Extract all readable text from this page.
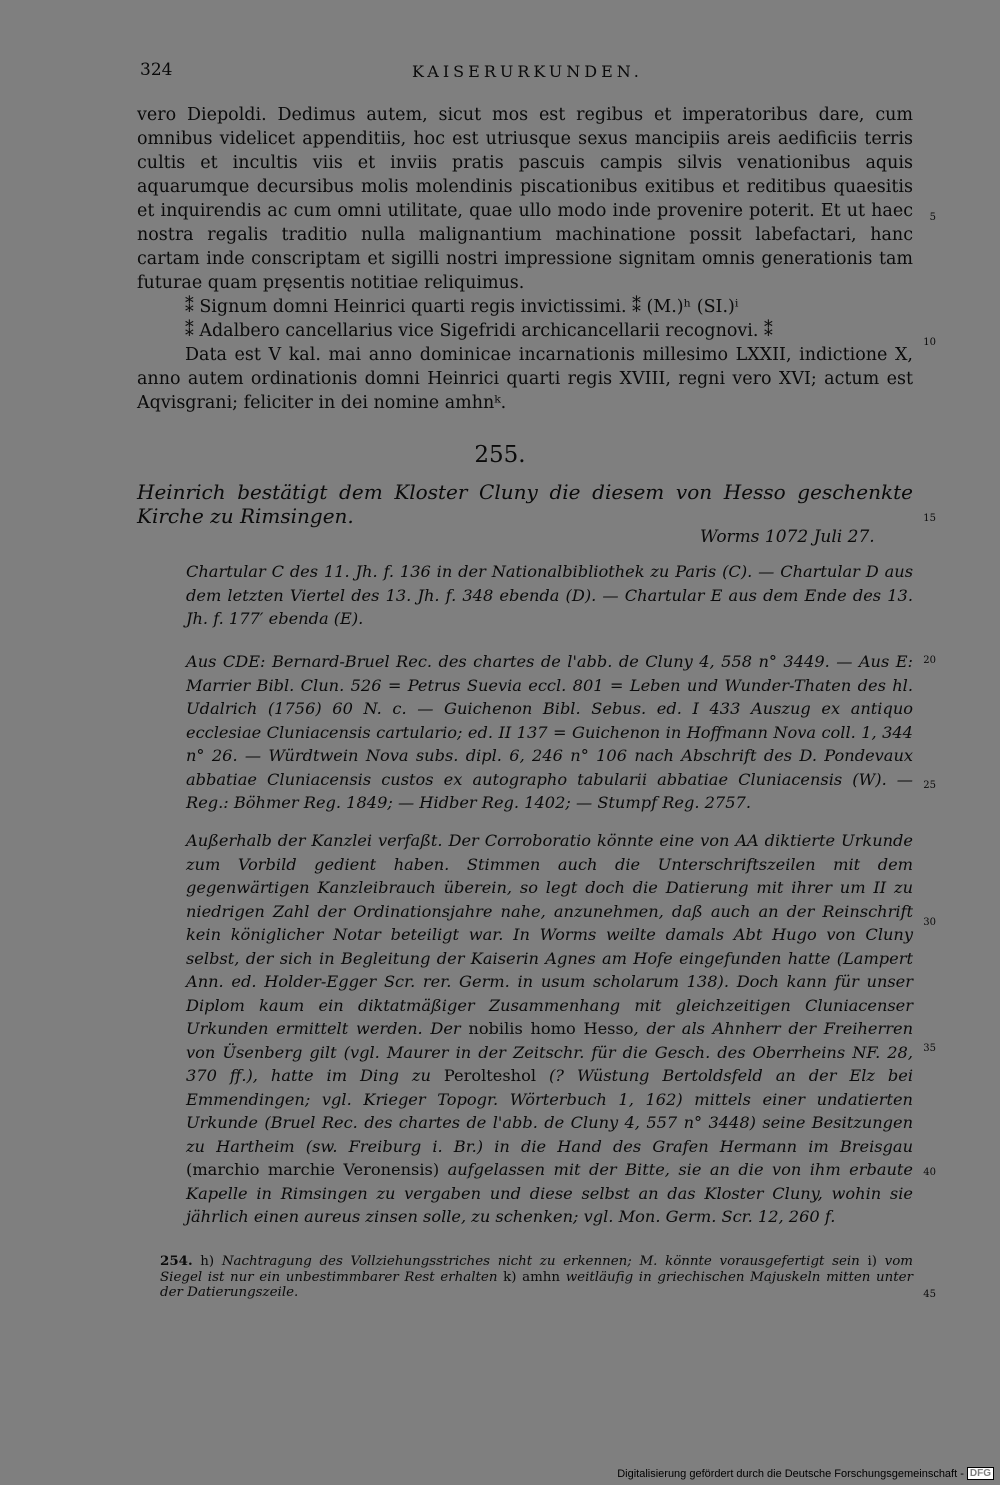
324	KAISERURKUNDEN.

vero Diepoldi. Dedimus autem, sicut mos est regibus et imperatoribus dare, cum omnibus videlicet appenditiis, hoc est utriusque sexus mancipiis areis aedificiis terris cultis et incultis viis et inviis pratis pascuis campis silvis venationibus aquis aquarumque decursibus molis molendinis piscationibus exitibus et reditibus quaesitis et inquirendis ac cum omni utilitate, quae ullo modo inde provenire poterit. Et ut haec nostra regalis traditio nulla malignantium machinatione possit labefactari, hanc cartam inde conscriptam et sigilli nostri impressione signitam omnis generationis tam futurae quam pręsentis notitiae reliquimus.

⁑ Signum domni Heinrici quarti regis invictissimi. ⁑ (M.)ʰ (SI.)ⁱ

⁑ Adalbero cancellarius vice Sigefridi archicancellarii recognovi. ⁑

Data est V kal. mai anno dominicae incarnationis millesimo LXXII, indictione X, anno autem ordinationis domni Heinrici quarti regis XVIII, regni vero XVI; actum est Aqvisgrani; feliciter in dei nomine amhnᵏ.

255.
Heinrich bestätigt dem Kloster Cluny die diesem von Hesso geschenkte Kirche zu Rimsingen.
Worms 1072 Juli 27.

Chartular C des 11. Jh. f. 136 in der Nationalbibliothek zu Paris (C). — Chartular D aus dem letzten Viertel des 13. Jh. f. 348 ebenda (D). — Chartular E aus dem Ende des 13. Jh. f. 177′ ebenda (E).

Aus CDE: Bernard-Bruel Rec. des chartes de l'abb. de Cluny 4, 558 n° 3449. — Aus E: Marrier Bibl. Clun. 526 = Petrus Suevia eccl. 801 = Leben und Wunder-Thaten des hl. Udalrich (1756) 60 N. c. — Guichenon Bibl. Sebus. ed. I 433 Auszug ex antiquo ecclesiae Cluniacensis cartulario; ed. II 137 = Guichenon in Hoffmann Nova coll. 1, 344 n° 26. — Würdtwein Nova subs. dipl. 6, 246 n° 106 nach Abschrift des D. Pondevaux abbatiae Cluniacensis custos ex autographo tabularii abbatiae Cluniacensis (W). — Reg.: Böhmer Reg. 1849; — Hidber Reg. 1402; — Stumpf Reg. 2757.

Außerhalb der Kanzlei verfaßt. Der Corroboratio könnte eine von AA diktierte Urkunde zum Vorbild gedient haben. Stimmen auch die Unterschriftszeilen mit dem gegenwärtigen Kanzleibrauch überein, so legt doch die Datierung mit ihrer um II zu niedrigen Zahl der Ordinationsjahre nahe, anzunehmen, daß auch an der Reinschrift kein königlicher Notar beteiligt war. In Worms weilte damals Abt Hugo von Cluny selbst, der sich in Begleitung der Kaiserin Agnes am Hofe eingefunden hatte (Lampert Ann. ed. Holder-Egger Scr. rer. Germ. in usum scholarum 138). Doch kann für unser Diplom kaum ein diktatmäßiger Zusammenhang mit gleichzeitigen Cluniacenser Urkunden ermittelt werden. Der nobilis homo Hesso, der als Ahnherr der Freiherren von Üsenberg gilt (vgl. Maurer in der Zeitschr. für die Gesch. des Oberrheins NF. 28, 370 ff.), hatte im Ding zu Perolteshol (? Wüstung Bertoldsfeld an der Elz bei Emmendingen; vgl. Krieger Topogr. Wörterbuch 1, 162) mittels einer undatierten Urkunde (Bruel Rec. des chartes de l'abb. de Cluny 4, 557 n° 3448) seine Besitzungen zu Hartheim (sw. Freiburg i. Br.) in die Hand des Grafen Hermann im Breisgau (marchio marchie Veronensis) aufgelassen mit der Bitte, sie an die von ihm erbaute Kapelle in Rimsingen zu vergaben und diese selbst an das Kloster Cluny, wohin sie jährlich einen aureus zinsen solle, zu schenken; vgl. Mon. Germ. Scr. 12, 260 f.

254. h) Nachtragung des Vollziehungsstriches nicht zu erkennen; M. könnte vorausgefertigt sein i) vom Siegel ist nur ein unbestimmbarer Rest erhalten k) amhn weitläufig in griechischen Majuskeln mitten unter der Datierungszeile.
5
10
15
20
25
30
35
40
45
Digitalisierung gefördert durch die Deutsche Forschungsgemeinschaft - DFG
